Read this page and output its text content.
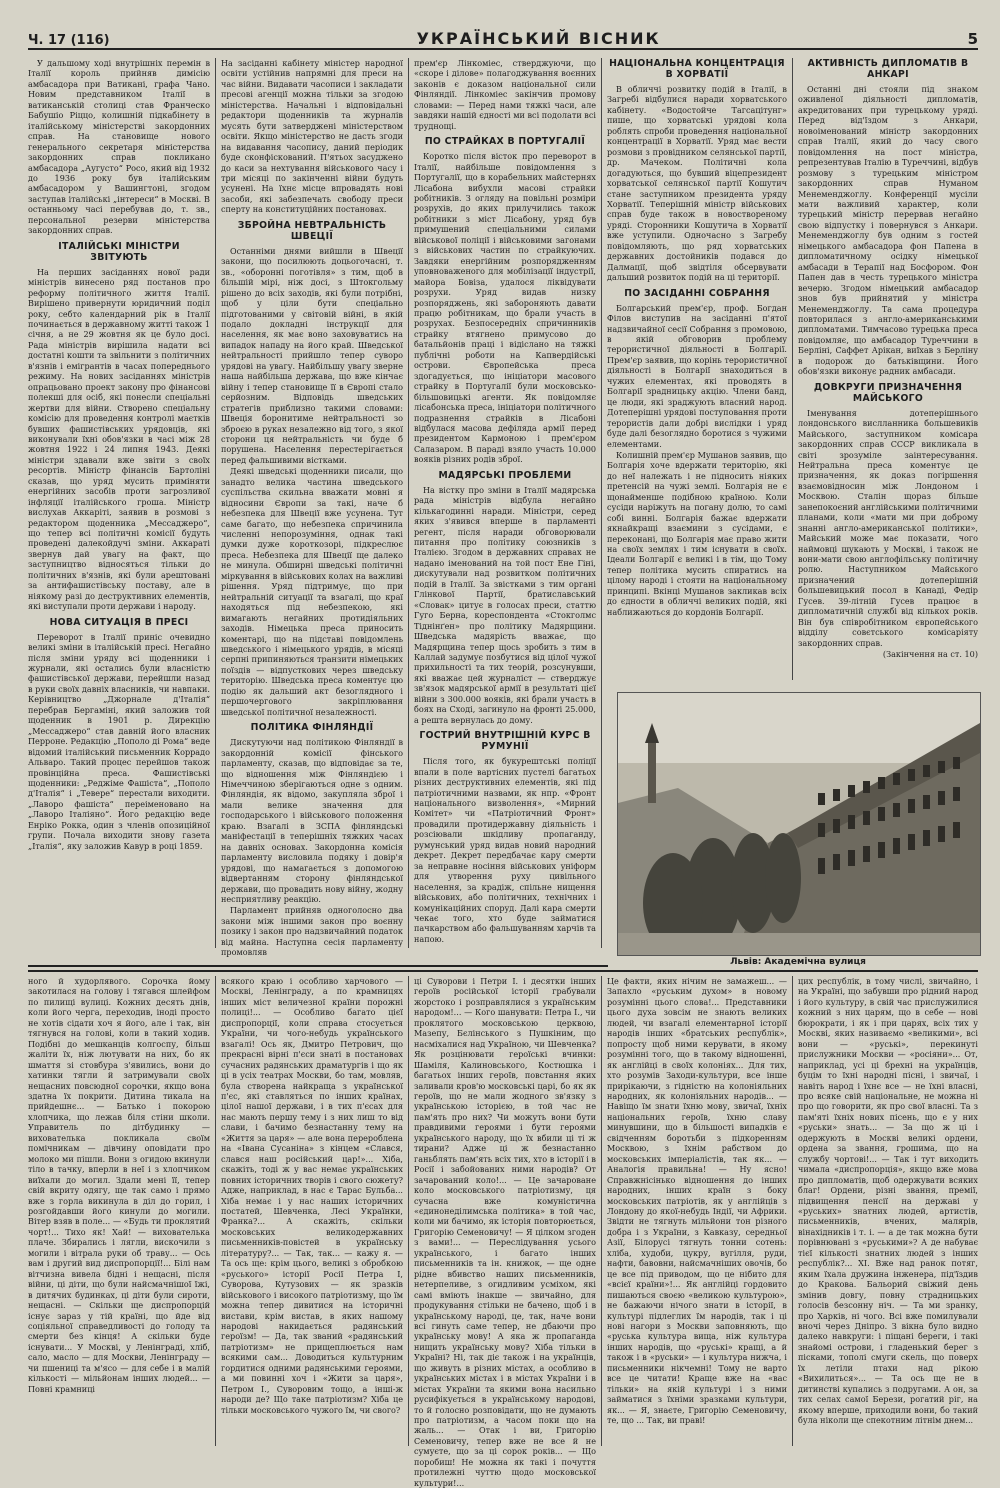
Ч. 17 (116)	УКРАЇНСЬКИЙ ВІСНИК	5

У дальшому ході внутрішніх перемін в Італії король прийняв димісію амбасадора при Ватикані, графа Чано. Новим представником Італії в ватиканській столиці став Франческо Бабушіо Ріццо, колишній підкабінету в італійському міністерстві закордонних справ. На становище нового генерального секретаря міністерства закордонних справ покликано амбасадора „Аугусто“ Росо, який від 1932 до 1936 року був італійським амбасадором у Вашингтоні, згодом заступав італійські „інтереси“ в Москві. В останньому часі перебував до, т. зв., персональної резерви міністерства закордонних справ.

ІТАЛІЙСЬКІ МІНІСТРИ ЗВІТУЮТЬ

На перших засіданнях нової ради міністрів винесено ряд постанов про реформу політичного життя Італії. Вирішено привернути юридичний поділ року, себто календарний рік в Італії починається в державному житті також 1 січня, а не 29 жовтня як це було досі. Рада міністрів вирішила надати всі достатні кошти та звільнити з політичних в'язнів і емігрантів в часах попереднього режиму. На нових засіданнях міністрів опрацьовано проект закону про фінансові полекші для осіб, які понесли спеціальні жертви для війни. Створено спеціальну комісію для проведення контролі маєтків бувших фашистівських урядовців, які виконували їхні обов'язки в часі між 28 жовтня 1922 і 24 липня 1943. Деякі міністри здавали вже звіти з своїх ресортів. Міністр фінансів Бартоліні сказав, що уряд мусить приміняти енергійних засобів проти загрозливої інфляції італійського гроша. Міністр вислухав Аккаріті, заявив в розмові з редактором щоденника „Мессаджеро“, що тепер всі політичні комісії будуть проведені далекойдучі зміни. Аккараті звернув дай увагу на факт, що заступництво відносяться тільки до політичних в'язнів, які були арештовані за антифашистівську поставу, але в ніякому разі до деструктивних елементів, які виступали проти держави і народу.

НОВА СИТУАЦІЯ В ПРЕСІ

Переворот в Італії приніс очевидно великі зміни в італійській пресі. Негайно після зміни уряду всі щоденники і журнали, які остались були власністю фашистівської держави, перейшли назад в руки своїх давніх власників, чи навпаки. Керівництво „Джорнале д'Італія“ перебрав Бергаміні, який заложив той щоденник в 1901 р. Дирекцію „Мессаджеро“ став давній його власник Перроне. Редакцію „Пополо ді Рома“ веде відомий італійський письменник Коррадо Альваро. Такий процес перейшов також провінційна преса. Фашистівські щоденники: „Реджіме Фашіста“, „Пополо д'Італія“ і „Тевере“ перестали виходити. „Лаворо фашіста“ переіменовано на „Лаворо Італіяно“. Його редакцію веде Енріко Рокка, один з членів опозиційної групи. Почала виходити знову газета „Італія“, яку заложив Кавур в році 1859.

На засіданні кабінету міністер народної освіти устійнив напрямні для преси на час війни. Видавати часописи і закладати пресові агенції можна тільки за згодою міністерства. Начальні і відповідальні редактори щоденників та журналів мусять бути затверджені міністерством освіти. Якщо міністерство не дасть згоди на видавання часопису, даний періодик буде сконфіскований. П'ятьох засуджено до каси за нехтування військового часу і три місяці по закінченні війни будуть усунені. На їхнє місце впровадять нові засоби, які забезпечать свободу преси сперту на конституційних постановах.

ЗБРОЙНА НЕВТРАЛЬНІСТЬ ШВЕЦІЇ

Останніми днями вийшли в Швеції закони, що посилюють доцьогочасні, т. зв., «оборонні поготівля» з тим, щоб в більшій мірі, ніж досі, з Штокгольму рішено до всіх заходів, які були потрібні, щоб у ціли бути спеціально підготованими у світовій війні, в якій подало докладні інструкції для населення, як має воно заховуватись на випадок нападу на його край. Шведської нейтральності прийшло тепер суворо урядові на увагу. Найбільшу увагу зверне наша найбільша держава, що вже кінчає війну і тепер становище її в Європі стало серйозним. Відповідь шведських стратегів приблизно такими словами: Швеція боронитиме нейтральності зо зброєю в руках незалежно від того, з якої сторони ця нейтральність чи буде б порушена. Населення перестерігається перед фальшивими вістками.

Деякі шведські щоденники писали, що занадто велика частина шведського суспільства скильна вважати мовні я відносини Європи за такі, наче б небезпека для Швеції вже усунена. Тут саме багато, що небезпека спричинила численні непорозуміння, однак такі думки дуже короткозорі, підкреслює преса. Небезпека для Швеції ще далеко не минула. Обширні шведські політичні міркування в військових колах на важливі рішення. Уряд підтримує, що при нейтральній ситуації та взагалі, що краї находяться під небезпекою, які вимагають негайних протидіяльних заходів. Німецька преса приносить коментарі, що на підставі повідомлень шведського і німецького урядів, в місяці серпні припиняються транзити німецьких поїздів — відпусткових через шведську територію. Шведська преса коментує цю подію як дальший акт безоглядного і першочергового закріплювання шведської політичної незалежності.

ПОЛІТИКА ФІНЛЯНДІЇ

Дискутуючи над політикою Фінляндії в закордонній комісії фінського парламенту, сказав, що відповідає за те, що відношення між Фінляндією і Німеччиною зберігаються одне з одним. Фінляндія, як відомо, закупляла зброї і мали велике значення для господарського і військового положення краю. Взагалі в ЗСПА фінляндські маніфестації в теперішніх тяжких часах на давніх основах. Закордонна комісія парламенту висловила подяку і довір'я урядові, що намагається з допомогою відвертанням сторону фінляндської держави, що провадить нову війну, жодну несприятливу реакцію.

Парламент прийняв одноголосно два закони між іншими закон про воєнну позику і закон про надзвичайний податок від майна. Наступна сесія парламенту промовляв

прем'єр Лінкоміес, стверджуючи, що «скоре і ділове» полагоджування воєнних законів є доказом національної сили Фінляндії. Лінкоміес закінчив промову словами: — Перед нами тяжкі часи, але завдяки нашій єдності ми всі подолати всі труднощі.

ПО СТРАЙКАХ В ПОРТУГАЛІЇ

Коротко після вісток про переворот в Італії, найбільше повідомлення з Португалії, що в корабельних майстернях Лісабона вибухли масові страйки робітників. З огляду на повільні розміри розрухів, до яких прилучились також робітники з міст Лісабону, уряд був примушений спеціальними силами військової поліції і військовими загонами з військових частин по страйкуючих. Завдяки енергійним розпорядженням уповноваженого для мобілізації індустрії, майора Бовіза, удалося ліквідувати розрухи. Уряд видав низку розпоряджень, які забороняють давати працю робітникам, що брали участь в розрухах. Безпосередніх спричинників страйку втягнено примусово до батальйонів праці і відіслано на тяжкі публічні роботи на Капвердійські острови. Європейська преса здогадується, що ініціатори масового страйку в Португалії були московсько-більшовицькі агенти. Як повідомляє лісабонська преса, ініціатори політичного подразнення страйків в Лісабоні відбулася масова дефіляда армії перед президентом Кармоною і прем'єром Салазаром. В параді взяло участь 10.000 вояків різних родів зброї.

МАДЯРСЬКІ ПРОБЛЕМИ

На вістку про зміни в Італії мадярська рада міністрів відбула негайно кількагодинні наради. Міністри, серед яких з'явився вперше в парламенті регент, після наради обговорювали питання про політику союзників з Італією. Згодом в державних справах не надано іменований на той пост Ене Гіні, дискутували над розвитком політичних подій в Італії. За звістками з тим органі Глінкової Партії, братиславський «Словак» цитує в голосах преси, статтю Гуго Берна, кореспондента «Стокголмс Тіднінґен» про політику Мадярщини. Шведська мадярість вважає, що Мадярщина тепер щось зробить з тим в Каллай задумує позбутися від цілої чужої прихильності та тих теорій, розсунувши, які вважає цей журналіст — стверджує зв'язок мадярської армії в результаті цієї війни з 300.000 вояків, які брали участь в боях на Сході, загинуло на фронті 25.000, а решта вернулась до дому.

ГОСТРИЙ ВНУТРІШНІЙ КУРС В РУМУНІЇ

Після того, як букурештські поліції впали в поле вартісних пустелі багатьох різних деструктивних елементів, які під патріотичними назвами, як нпр. «Фронт національного визволення», «Мирний Комітет» чи «Патріотичний Фронт» провадили протидержавну діяльність і розсіювали шкідливу пропаганду, румунський уряд видав новий народний декрет. Декрет передбачає кару смерти за неправне носіння військових уніформ для утворення руху цивільного населення, за крадіж, спільне нищення військових, або політичних, технічних і комунікаційних споруд. Далі кара смерти чекає того, хто буде займатися пачкарством або фальшуванням харчів та напою.

НАЦІОНАЛЬНА КОНЦЕНТРАЦІЯ В ХОРВАТІЇ

В обличчі розвитку подій в Італії, в Загребі відбулися наради хорватського кабінету. «Водостойче Тагсацітунг» пише, що хорватські урядові кола роблять спроби проведення національної концентрації в Хорватії. Уряд має вести розмови з провідником селянської партії, др. Мачеком. Політичні кола догадуються, що бувший віцепрезидент хорватської селянської партії Кошутич стане заступником президента уряду Хорватії. Теперішній міністр військових справ буде також в новоствореному уряді. Сторонники Кошутича в Хорватії вже уступили. Одночасно з Загребу повідомляють, що ряд хорватських державних достойників подався до Далмації, щоб звідтіля обсервувати дальший розвиток подій на ці території.

ПО ЗАСІДАННІ СОБРАННЯ

Болгарський прем'єр, проф. Богдан Філов виступив на засіданні п'ятої надзвичайної сесії Собрання з промовою, в якій обговорив проблему терористичної діяльності в Болгарії. Прем'єр заявив, що корінь терористичної діяльності в Болгарії знаходиться в чужих елементах, які проводять в Болгарії зрадницьку акцію. Члени банд, це люди, які зраджують власний народ. Дотеперішні урядові поступовання проти терористів дали добрі вислідки і уряд буде далі безоглядно боротися з чужими елементами.

Колишній прем'єр Мушанов заявив, що Болгарія хоче вдержати територію, які до неї належать і не підносить ніяких претенсій на чужі землі. Болгарія не є щонайменше подібною країною. Коли сусіди наріжуть на погану долю, то самі собі винні. Болгарія бажає вдержати якнайкращі взаємини з сусідами, є переконані, що Болгарія має право жити на своїх землях і тим існувати в своїх. Ідеали Болгарії є великі і в тім, що Тому тепер політика мусить спиратись на цілому народі і стояти на національному принципі. Вкінці Мушанов закликав всіх до єдности в обличчі великих подій, які наближаються до кордонів Болгарії.

АКТИВНІСТЬ ДИПЛОМАТІВ В АНКАРІ

Останні дні стояли під знаком оживленої діяльності дипломатів, акредитованих при турецькому уряді. Перед від'їздом з Анкари, новоіменований міністр закордонних справ Італії, який до часу свого повідомлення на пост міністра, репрезентував Італію в Туреччині, відбув розмову з турецьким міністром закордонних справ Нуманом Менеменджоглу. Конференції мусіли мати важливий характер, коли турецький міністр перервав негайно свою відпустку і повернувся з Анкари. Менеменджоглу був одним з гостей німецького амбасадора фон Папена в дипломатичному осідку німецької амбасади в Терапії над Босфором. Фон Папен дав в честь турецького міністра вечерю. Згодом німецький амбасадор знов був прийнятий у міністра Менеменджоглу. Та сама процедура повторилася з англо-американськими дипломатами. Тимчасово турецька преса повідомляє, що амбасадор Туреччини в Берліні, Саффет Арікан, виїхав з Берліну в подорож до батьківщини. Його обов'язки виконує радник амбасади.

ДОВКРУГИ ПРИЗНАЧЕННЯ МАЙСЬКОГО

Іменування дотеперішнього лондонського вислланника большевиків Майського, заступником комісара закордонних справ СССР викликала в світі зрозуміле заінтересування. Нейтральна преса коментує це призначення, як доказ погіршення взаємовідносин між Лондоном і Москвою. Сталін щораз більше занепокоєний англійськими політичними планами, коли «мати ми при доброму знанні англо-американської політики», Майський може має показати, чого наймовці шукають у Москві, і також не вони-мати свою англофільську політичну ролю. Наступником Майського призначений дотеперішній большевицький посол в Канаді, Федір Гусев. 39-літній Гусев працює в дипломатичній службі від кількох років. Він був співробітником європейського відділу совєтського комісаріяту закордонних справ.

(Закінчення на ст. 10)

Львів: Академічна вулиця

ного й худорлявого. Сорочка йому закотилася на голову і тягався шлейфом по пилищі вулиці. Кожних десять днів, коли його черга, переходив, іноді просто не хотів сідати хоч я його, але і так, він тягнувся на голові, коли в такий ходив. Подібні до мешканців колгоспу, більш жаліти їх, ніж лютувати на них, бо як шмаття зі стовбура з'явились, вони до хатинки тягли й затримували своїх нещасних повсюдної сорочки, якщо вона здатна їх покрити. Дитина тикала на прийдешнє... — Батько і покорою хлопчика, що лежав біля стіни школи. Управитель по дітбудинку — вихователька покликала своїм помічникам — дівчину оповідати про молоко ми пішли. Вони з огидою вкинули тіло в тачку, вперли в неї і з хлопчиком виїхали до могил. Здали мені її, тепер свій вкриту одягу, ще так само і прямо вже з горла викинула в діл до горил, і розгойдавши його кинули до могили. Вітер взяв в поле... — «Будь ти проклятий чорт!... Тихо як! Хай! — вихователька плаче. Збирались і лягли, вискочили з могили і вітрала руки об траву... — Ось вам і другий вид диспропорції!... Білі нам вітчизна вивела бідні і нещасні, після війни, ці діти, що були найсмачнішої їжі, в дитячих будинках, ці діти були сироти, нещасні. — Скільки ще диспропорцій існує зараз у тій країні, що йде від соціяльної справедливості до голоду та смерти без кінця! А скільки буде існувати... У Москві, у Ленінграді, хліб, сало, масло — для Москви, Ленінграду — чи пшениці та м'ясо — для себе і в малій кількості — мільйонам інших людей... — Повні крамниці

всякого краю і особливо харчового — Москві, Ленінграду, а по крамницях інших міст величезної країни порожні полиці!... — Особливо багато цієї диспропорції, коли справа стосується України, чи чого-небудь українського взагалі! Ось як, Дмитро Петрович, що прекрасні вірні п'єси знаті в постановах сучасних радянських драматургів і що як ці в усіх театрах Москви, бо там, мовляв, була створена найкраща з української п'єс, які ставляться по інших країнах, цілої нашої держави, і в тих п'єсах для нас мають першу тему і з них лиш то від слави, і бачимо безнастанну тему на «Життя за царя» — але вона перероблена на «Івана Сусаніна» з кінцем «Слався, слався наш російський цар!»... Хіба, скажіть, тоді ж у вас немає українських повних історичних творів і свого сюжету? Адже, наприклад, в нас є Тарас Бульба... Хіба немає і у нас наших історичних постатей, Шевченка, Лесі Українки, Франка?... А скажіть, скільки московських великодержавних письменників-повістей в українську літературу?... — Так, так... — кажу я. — Та ось ще: крім цього, великі з обробкою «руського» історії Росії Петра І, Суворова, Кутузових — як зразків військового і високого патріотизму, що їм можна тепер дивитися на історичні вистави, крім вистав, в яких нашому народові накидається радянський героїзм! — Да, так званий «радянський патріотизм» не прищеплюється нам всякими сам... Доводиться культурним гордитися одними радянськими героями, а ми повинні хоч і «Жити за царя», Петром І., Суворовим тощо, а інші-ж народи де? Що таке патріотизм? Хіба це тільки московського чужого їм, чи свого?

ці Суворови і Петри І. і десятки інших героїв російської історії грабували жорстоко і розправлялися з українським народом!... — Кого шанувати: Петра І., чи проклятого московською церквою, Мазепу, Бєлінського з Пушкіним, що насміхалися над Україною, чи Шевченка? Як розцінювати героїські вчинки: Шаміля, Калиновського, Костюшка і багатьох інших героїв, повстання яких заливали кров'ю московські царі, бо як як героїв, що не мали жодного зв'язку з українською історією, в той час не пам'ять про них? Чи можуть вони бути правдивими героями і бути героями українського народу, що їх вбили ці ті ж тирани? Адже ці ж безнастанно ганьблять пам'ять всіх тих, хто в історії і в Росії і забойованих ними народів? От зачарований коло!... — Це зачароване коло московського патріотизму, ця сучасна вже комуністична «єдинонеділимська політика» в той час, коли ми бачимо, як історія повторюється, Григорію Семеновичу! — Я цілком згоден з вами!... — Переслідування усього українського, і багато інших письменників та ін. книжок, — ще одне рідне вбивство наших письменників, нетерпеливе, з огидливим усміхом, які самі вміють інакше — звичайно, для продукування стільки не бачено, щоб і в українському народі, це, так, наче вони всі гинуть саме тепер, не дбаючи про українську мову! А яка ж пропаганда нищить українську мову? Хіба тільки в Україні? Ні, так діє також і на українців, що живуть в різних містах, а особливо в українських містах і в містах України і в містах України та якими вона насильно русифікується в українському народові, то й голосно розповідати, що не думають про патріотизм, а часом поки що на жаль... — Отак і ви, Григорію Семеновичу, тепер вже не все й не сумуєте, що за ці сорок років... — Що поробиш! Не можна як такі і почуття протилежні чуттю щодо московської культури!...

Це факти, яких нічим не замажеш... — Запахло «руським духом» в новому розумінні цього слова!... Представники цього духа зовсім не знають великих людей, чи взагалі елементарної історії народів інших «братських республік», попросту щоб ними керувати, в якому розумінні того, що в такому відношенні, як англійці в своїх колоніях... Для тих, хто розумів Заходи-культури, все інше прирікаючи, з гідністю на колоніяльних народних, як колоніяльних народів... — Навіщо їм знати їхню мову, звичаї, їхніх національних героїв, їхню славу минувшини, що в більшості випадків є свідченням боротьби з підкоренням Москвою, з їхнім рабством до московських імперіалістів, так як... — Аналогія правильна! — Ну ясно! Справжнісінько відношення до інших народних, інших країн з боку московських патріотів, як у англійців з Лондону до якої-небудь Індії, чи Африки. Звідти не тягнуть мільйони тон різного добра і з України, з Кавказу, середньої Азії, Білорусі тягнуть тонни сотень: хліба, худоби, цукру, вугілля, руди, нафти, бавовни, найсмачніших овочів, бо це все під приводом, що це нібито для «всієї країни»!... Як англійці гордовито пишаються своєю «великою культурою», не бажаючи нічого знати в історії, в культурі підлеглих їм народів, так і ці нові нагори з Москви заповняють, що «руська культура вища, ніж культура інших народів, що «руські» кращі, а й також і в «руськи» — і культура нижча, і письменники нікчемні! Тому не варто все це читати! Краще вже на «вас тільки» на якій культурі і з ними займатися з їхніми зразками культури, як... — Я, знаєте, Григорію Семеновичу, те, що ... Так, ви праві!

цих республік, в тому числі, звичайно, і на Україні, що забувши про рідний народ і його культуру, в свій час прислужилися кожний з них царям, що в себе — нові бюрократи, і як і при царях, всіх тих у Москві, яких називаємо «великими», всі вони — «руські», перекинуті прислужники Москви — «росіяни»... От, наприклад, усі ці брехні на українців, буцім то їхні народні пісні, і звичаї, і навіть народ і їхнє все — не їхні власні, про всяке свій національне, не можна ні про що говорити, як про свої власні. Та з пам'яті їхніх нових пісень, що є у них «руськи» знать... — За що ж ці і одержують в Москві великі ордени, ордена за звання, грошима, що на службу чортові!... — Так і тут виходить чимала «диспропорція», якщо вже мова про дипломатів, щоб одержувати всяких благ! Ордени, різні звання, премії, підвищення пенсії на державі у «руських» знатних людей, артистів, письменників, вчених, малярів, вінахідників і т. і. — а де так можна бути порівнювані з «руськими»? А де набуває тієї кількості знатних людей з інших республік?... XI. Вже над ранок потяг, яким їхала дружина інженера, під'їздив до Кракова. Бальорий свіжий день змінив довгу, повну страдницьких голосів безсонну ніч. — Та ми зранку, про Харків, ні чого. Всі вже помилували вночі через Дніпро. З вікна було видно далеко навкруги: і піщані береги, і такі знайомі острови, і гладенький берег з пісками, тополі смуги скель, що поверх їх летіли птахи над рікою «Вихилиться»... — Та ось ще не в дитинстві купались з подругами. А он, за тих селах самої Берези, рогатий ріг, на якому вперше, приходили вони, бо такий була ніколи ще спекотним літнім днем...
